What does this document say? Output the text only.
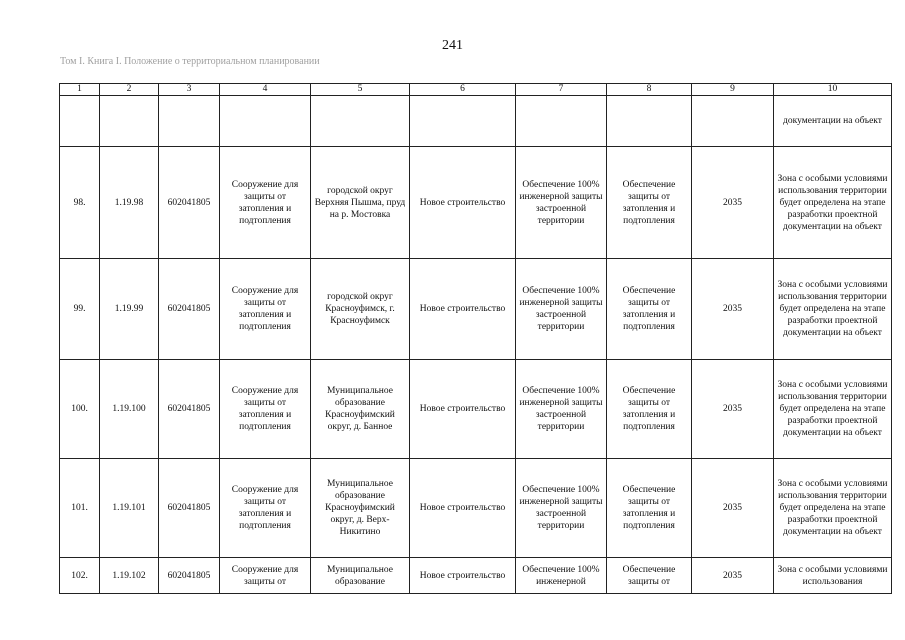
241
Том I. Книга I. Положение о территориальном планировании
1	2	3	4	5	6	7	8	9	10
									документации на объект
98.	1.19.98	602041805	Сооружение для защиты от затопления и подтопления	городской округ Верхняя Пышма, пруд на р. Мостовка	Новое строительство	Обеспечение 100% инженерной защиты застроенной территории	Обеспечение защиты от затопления и подтопления	2035	Зона с особыми условиями использования территории будет определена на этапе разработки проектной документации на объект
99.	1.19.99	602041805	Сооружение для защиты от затопления и подтопления	городской округ Красноуфимск, г. Красноуфимск	Новое строительство	Обеспечение 100% инженерной защиты застроенной территории	Обеспечение защиты от затопления и подтопления	2035	Зона с особыми условиями использования территории будет определена на этапе разработки проектной документации на объект
100.	1.19.100	602041805	Сооружение для защиты от затопления и подтопления	Муниципальное образование Красноуфимский округ, д. Банное	Новое строительство	Обеспечение 100% инженерной защиты застроенной территории	Обеспечение защиты от затопления и подтопления	2035	Зона с особыми условиями использования территории будет определена на этапе разработки проектной документации на объект
101.	1.19.101	602041805	Сооружение для защиты от затопления и подтопления	Муниципальное образование Красноуфимский округ, д. Верх-Никитино	Новое строительство	Обеспечение 100% инженерной защиты застроенной территории	Обеспечение защиты от затопления и подтопления	2035	Зона с особыми условиями использования территории будет определена на этапе разработки проектной документации на объект
102.	1.19.102	602041805	Сооружение для защиты от	Муниципальное образование	Новое строительство	Обеспечение 100% инженерной	Обеспечение защиты от	2035	Зона с особыми условиями использования
